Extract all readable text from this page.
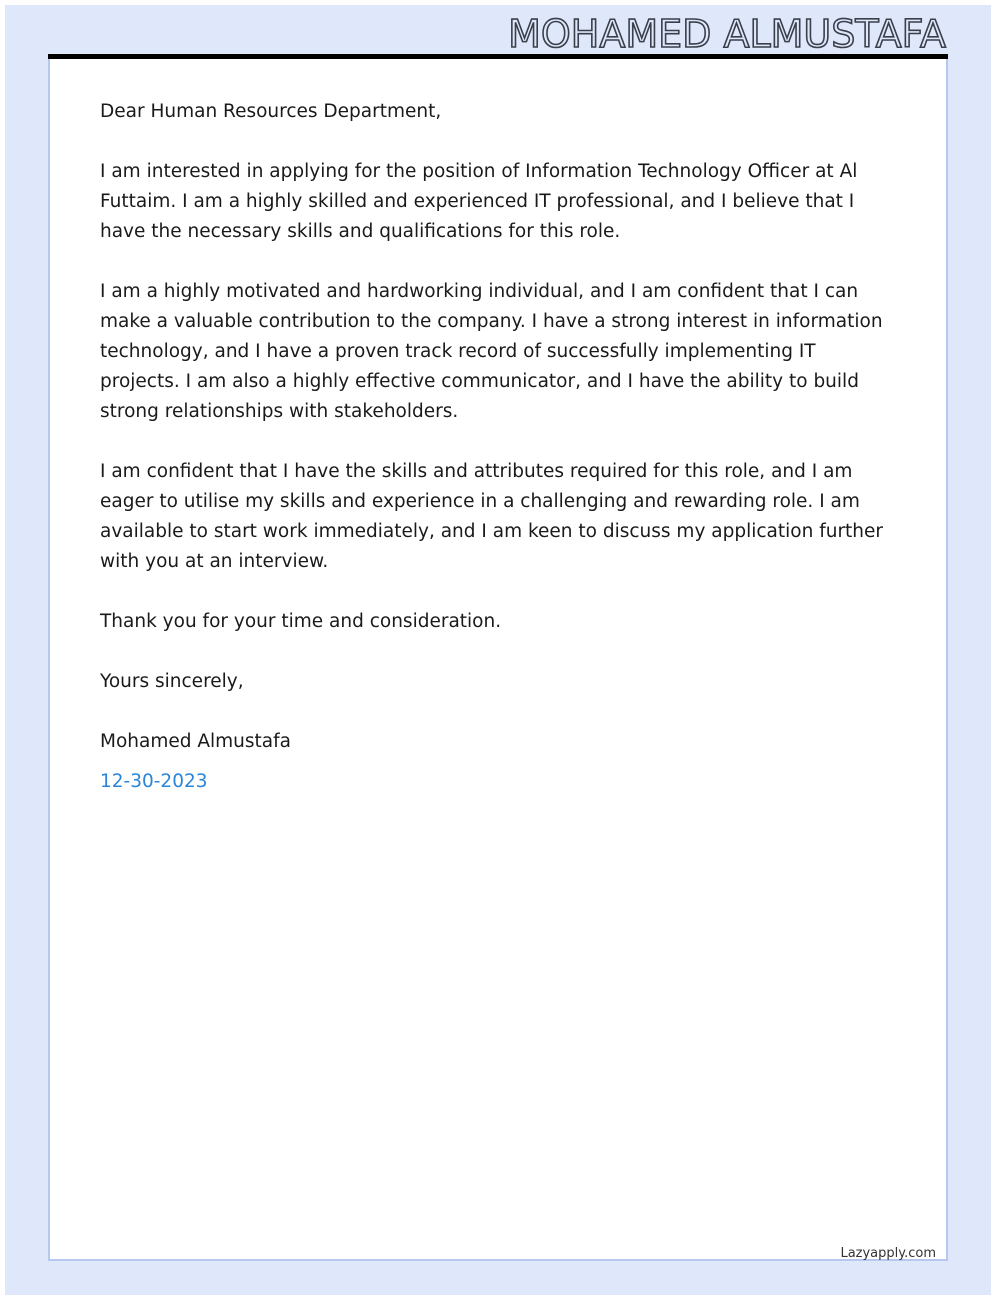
MOHAMED ALMUSTAFA

Dear Human Resources Department,

I am interested in applying for the position of Information Technology Officer at Al Futtaim. I am a highly skilled and experienced IT professional, and I believe that I have the necessary skills and qualifications for this role.

I am a highly motivated and hardworking individual, and I am confident that I can make a valuable contribution to the company. I have a strong interest in information technology, and I have a proven track record of successfully implementing IT projects. I am also a highly effective communicator, and I have the ability to build strong relationships with stakeholders.

I am confident that I have the skills and attributes required for this role, and I am eager to utilise my skills and experience in a challenging and rewarding role. I am available to start work immediately, and I am keen to discuss my application further with you at an interview.

Thank you for your time and consideration.

Yours sincerely,

Mohamed Almustafa

12-30-2023

Lazyapply.com
